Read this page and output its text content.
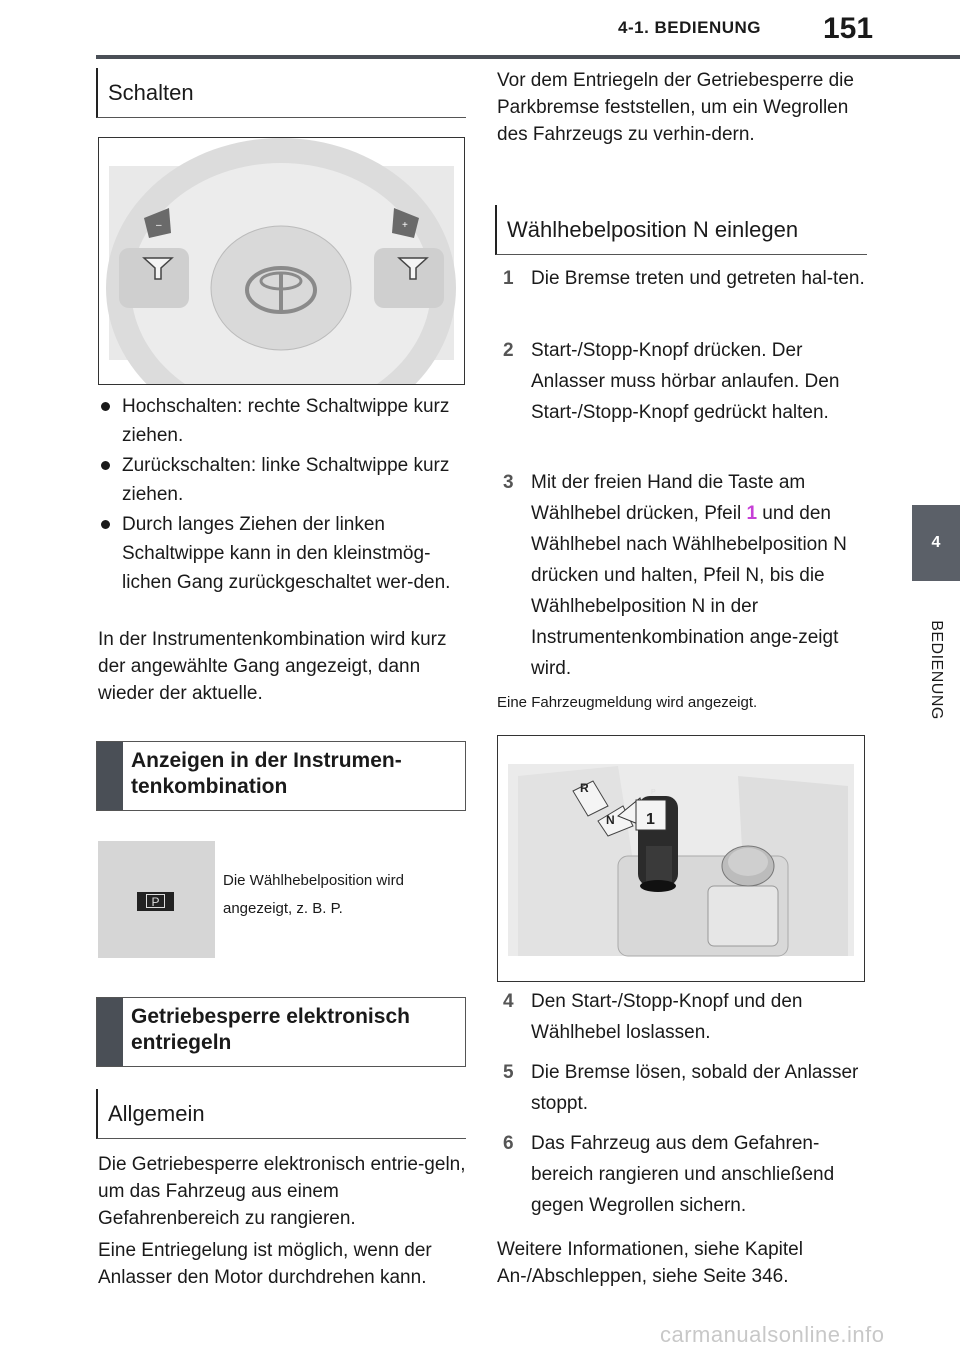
4-1. BEDIENUNG 151
4
BEDIENUNG
Schalten
–	+
Hochschalten: rechte Schaltwippe kurz ziehen.
Zurückschalten: linke Schaltwippe kurz ziehen.
Durch langes Ziehen der linken Schaltwippe kann in den kleinstmög-lichen Gang zurückgeschaltet wer-den.
In der Instrumentenkombination wird kurz der angewählte Gang angezeigt, dann wieder der aktuelle.
Anzeigen in der Instrumen-tenkombination
P
Die Wählhebelposition wird angezeigt, z. B. P.
Getriebesperre elektronisch entriegeln
Allgemein
Die Getriebesperre elektronisch entrie-geln, um das Fahrzeug aus einem Gefahrenbereich zu rangieren.
Eine Entriegelung ist möglich, wenn der Anlasser den Motor durchdrehen kann.
Vor dem Entriegeln der Getriebesperre die Parkbremse feststellen, um ein Wegrollen des Fahrzeugs zu verhin-dern.
Wählhebelposition N einlegen
1 Die Bremse treten und getreten hal-ten.
2 Start-/Stopp-Knopf drücken. Der Anlasser muss hörbar anlaufen. Den Start-/Stopp-Knopf gedrückt halten.
3 Mit der freien Hand die Taste am Wählhebel drücken, Pfeil 1 und den Wählhebel nach Wählhebelposition N drücken und halten, Pfeil N, bis die Wählhebelposition N in der Instrumentenkombination ange-zeigt wird.
Eine Fahrzeugmeldung wird angezeigt.
R
N 1
P
4 Den Start-/Stopp-Knopf und den Wählhebel loslassen.
5 Die Bremse lösen, sobald der Anlasser stoppt.
6 Das Fahrzeug aus dem Gefahren-bereich rangieren und anschließend gegen Wegrollen sichern.
Weitere Informationen, siehe Kapitel An-/Abschleppen, siehe Seite 346.
carmanualsonline.info
